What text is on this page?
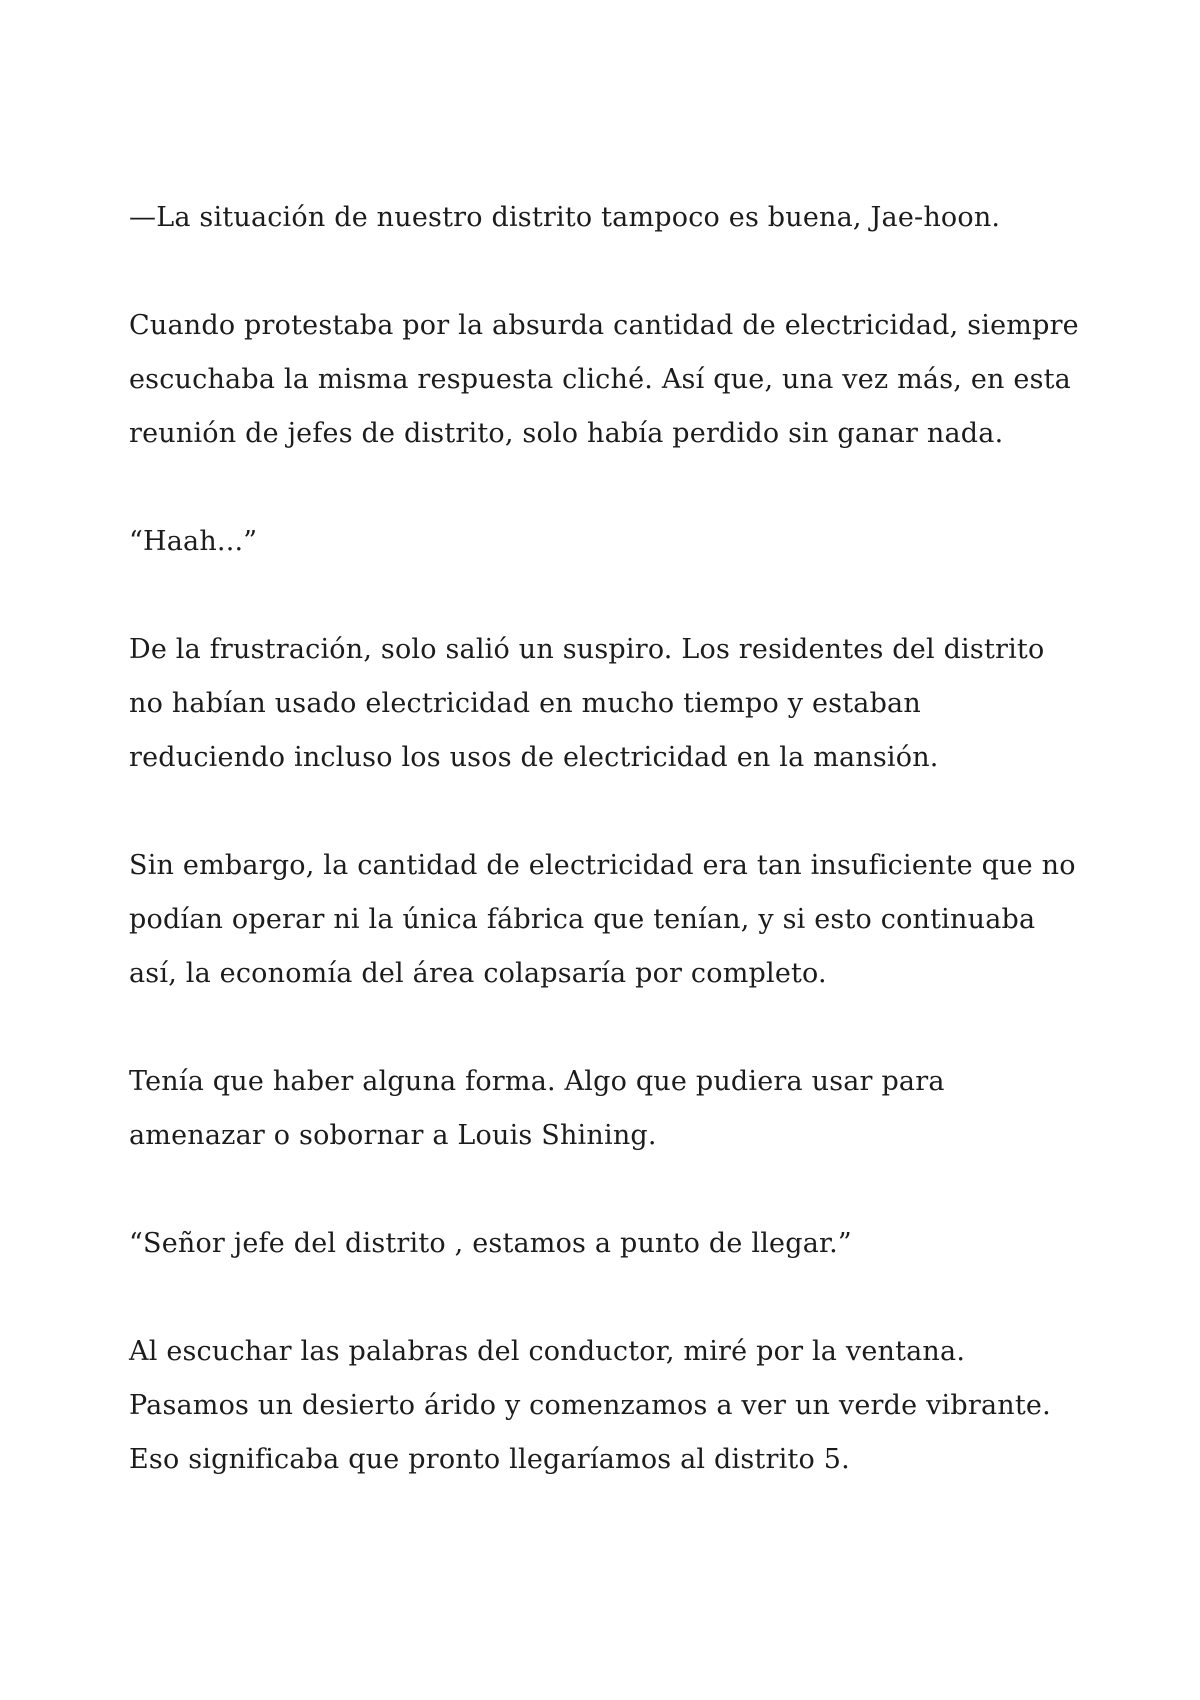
—La situación de nuestro distrito tampoco es buena, Jae-hoon.

Cuando protestaba por la absurda cantidad de electricidad, siempre
escuchaba la misma respuesta cliché. Así que, una vez más, en esta
reunión de jefes de distrito, solo había perdido sin ganar nada.

“Haah...”

De la frustración, solo salió un suspiro. Los residentes del distrito
no habían usado electricidad en mucho tiempo y estaban
reduciendo incluso los usos de electricidad en la mansión.

Sin embargo, la cantidad de electricidad era tan insuficiente que no
podían operar ni la única fábrica que tenían, y si esto continuaba
así, la economía del área colapsaría por completo.

Tenía que haber alguna forma. Algo que pudiera usar para
amenazar o sobornar a Louis Shining.

“Señor jefe del distrito , estamos a punto de llegar.”

Al escuchar las palabras del conductor, miré por la ventana.
Pasamos un desierto árido y comenzamos a ver un verde vibrante.
Eso significaba que pronto llegaríamos al distrito 5.
